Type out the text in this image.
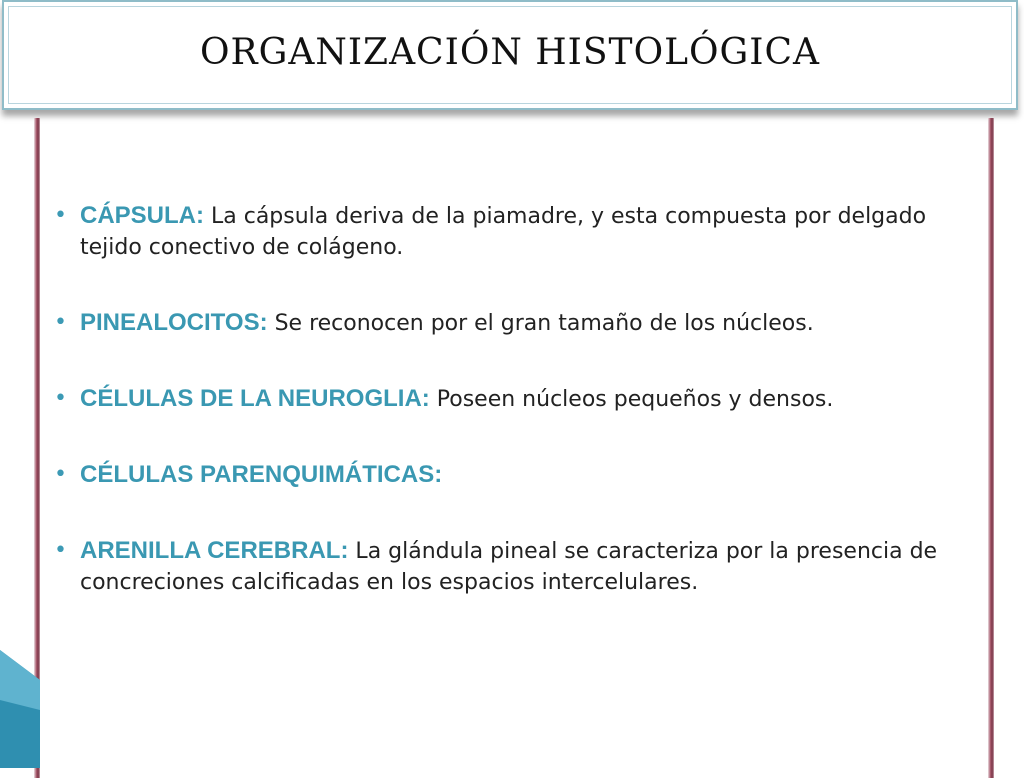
ORGANIZACIÓN HISTOLÓGICA
• CÁPSULA: La cápsula deriva de la piamadre, y esta compuesta por delgado tejido conectivo de colágeno.
• PINEALOCITOS: Se reconocen por el gran tamaño de los núcleos.
• CÉLULAS DE LA NEUROGLIA: Poseen núcleos pequeños y densos.
• CÉLULAS PARENQUIMÁTICAS:
• ARENILLA CEREBRAL: La glándula pineal se caracteriza por la presencia de concreciones calcificadas en los espacios intercelulares.
